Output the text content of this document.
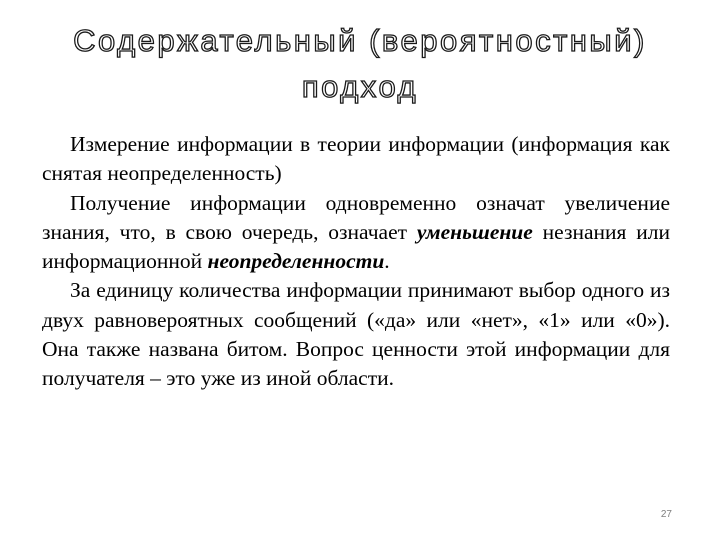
Содержательный (вероятностный)
подход

Измерение информации в теории информации (информация как снятая неопределенность)

Получение информации одновременно означат увеличение знания, что, в свою очередь, означает уменьшение незнания или информационной неопределенности.

За единицу количества информации принимают выбор одного из двух равновероятных сообщений («да» или «нет», «1» или «0»). Она также названа битом. Вопрос ценности этой информации для получателя – это уже из иной области.

27
